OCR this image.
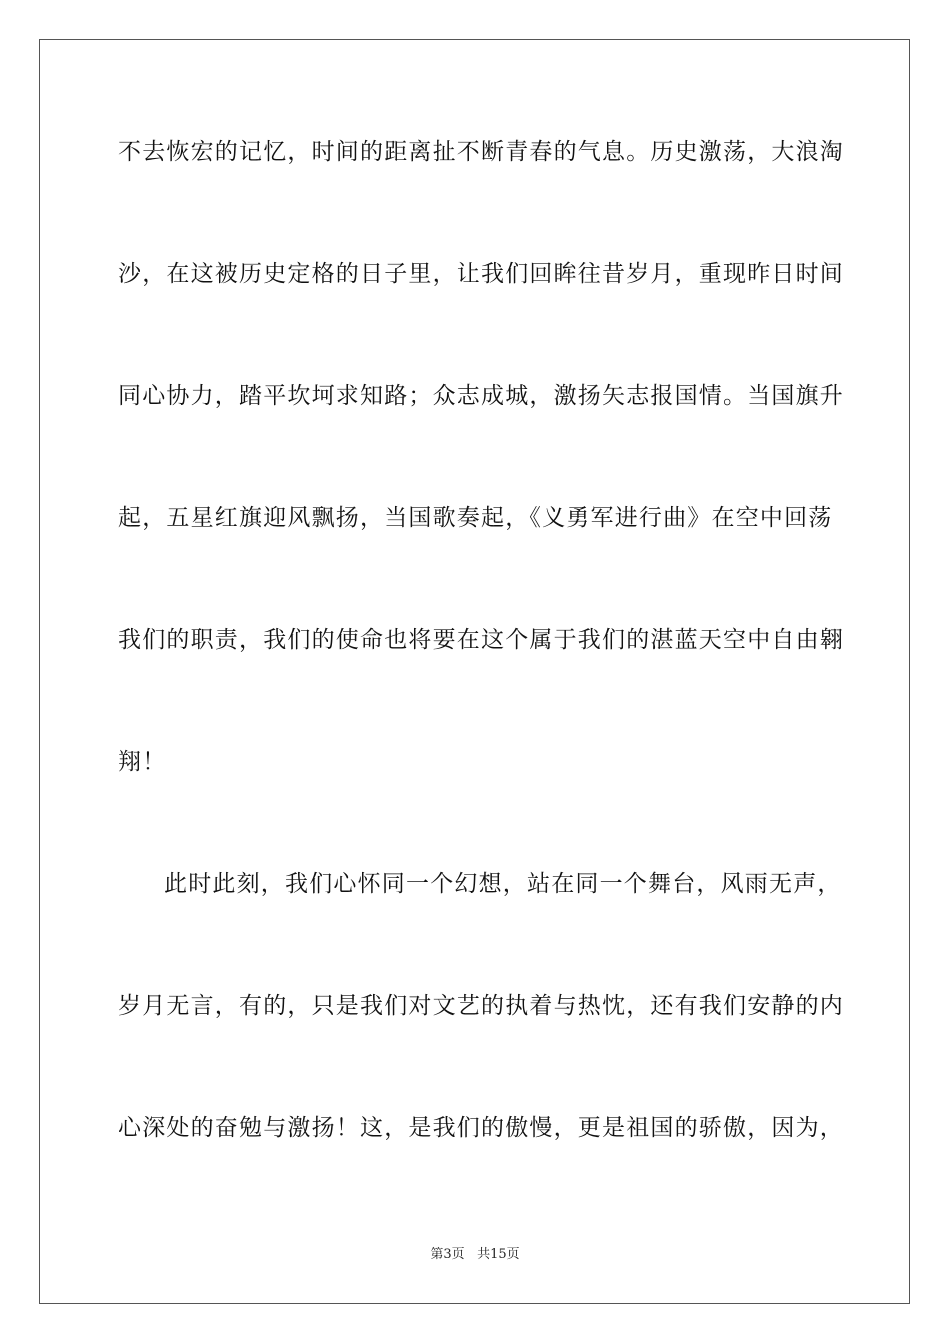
不去恢宏的记忆，时间的距离扯不断青春的气息。历史激荡，大浪淘
沙，在这被历史定格的日子里，让我们回眸往昔岁月，重现昨日时间
同心协力，踏平坎坷求知路；众志成城，激扬矢志报国情。当国旗升
起，五星红旗迎风飘扬，当国歌奏起，《义勇军进行曲》在空中回荡
我们的职责，我们的使命也将要在这个属于我们的湛蓝天空中自由翱
翔！
此时此刻，我们心怀同一个幻想，站在同一个舞台，风雨无声，
岁月无言，有的，只是我们对文艺的执着与热忱，还有我们安静的内
心深处的奋勉与激扬！这，是我们的傲慢，更是祖国的骄傲，因为，
第3页 共15页
